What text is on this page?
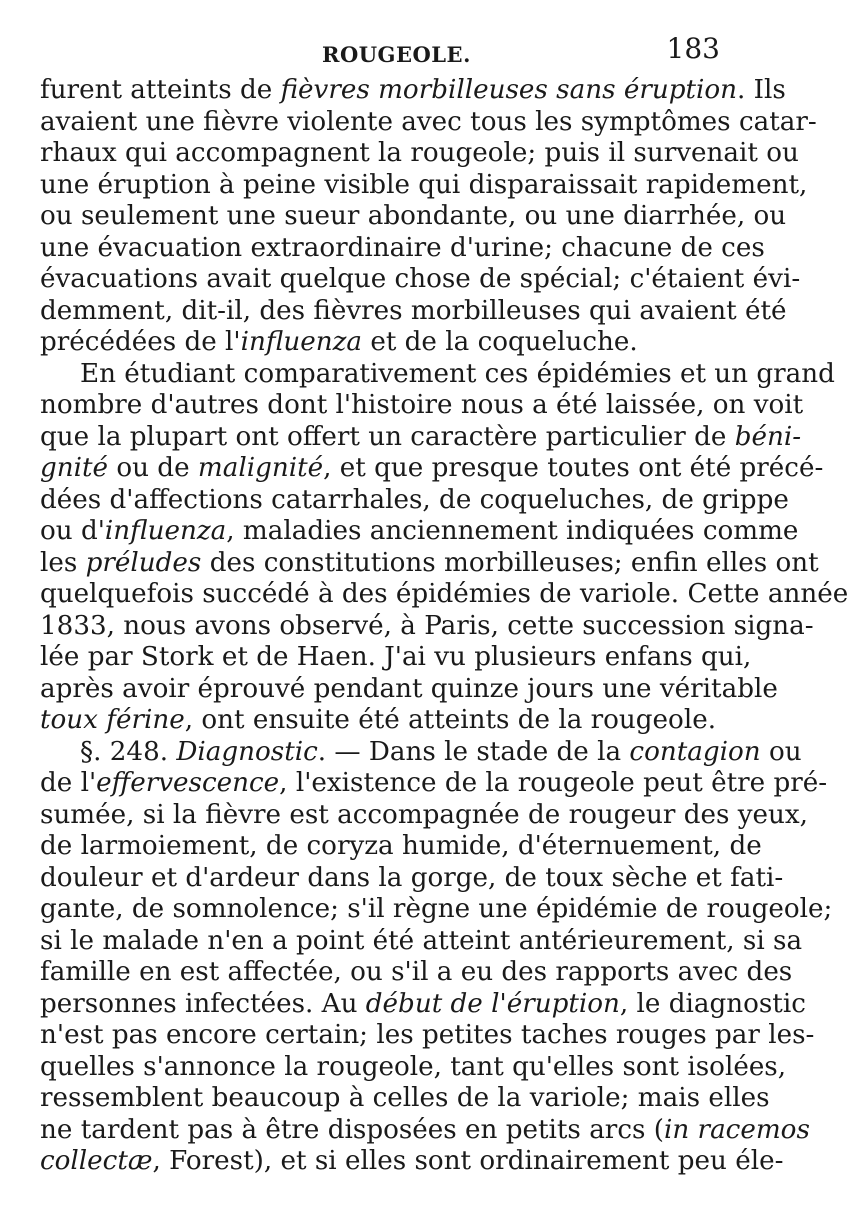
ROUGEOLE.	183
furent atteints de fièvres morbilleuses sans éruption. Ils
avaient une fièvre violente avec tous les symptômes catar-
rhaux qui accompagnent la rougeole; puis il survenait ou
une éruption à peine visible qui disparaissait rapidement,
ou seulement une sueur abondante, ou une diarrhée, ou
une évacuation extraordinaire d'urine; chacune de ces
évacuations avait quelque chose de spécial; c'étaient évi-
demment, dit-il, des fièvres morbilleuses qui avaient été
précédées de l'influenza et de la coqueluche.
En étudiant comparativement ces épidémies et un grand
nombre d'autres dont l'histoire nous a été laissée, on voit
que la plupart ont offert un caractère particulier de béni-
gnité ou de malignité, et que presque toutes ont été précé-
dées d'affections catarrhales, de coqueluches, de grippe
ou d'influenza, maladies anciennement indiquées comme
les préludes des constitutions morbilleuses; enfin elles ont
quelquefois succédé à des épidémies de variole. Cette année
1833, nous avons observé, à Paris, cette succession signa-
lée par Stork et de Haen. J'ai vu plusieurs enfans qui,
après avoir éprouvé pendant quinze jours une véritable
toux férine, ont ensuite été atteints de la rougeole.
§. 248. Diagnostic. — Dans le stade de la contagion ou
de l'effervescence, l'existence de la rougeole peut être pré-
sumée, si la fièvre est accompagnée de rougeur des yeux,
de larmoiement, de coryza humide, d'éternuement, de
douleur et d'ardeur dans la gorge, de toux sèche et fati-
gante, de somnolence; s'il règne une épidémie de rougeole;
si le malade n'en a point été atteint antérieurement, si sa
famille en est affectée, ou s'il a eu des rapports avec des
personnes infectées. Au début de l'éruption, le diagnostic
n'est pas encore certain; les petites taches rouges par les-
quelles s'annonce la rougeole, tant qu'elles sont isolées,
ressemblent beaucoup à celles de la variole; mais elles
ne tardent pas à être disposées en petits arcs (in racemos
collectæ, Forest), et si elles sont ordinairement peu éle-
